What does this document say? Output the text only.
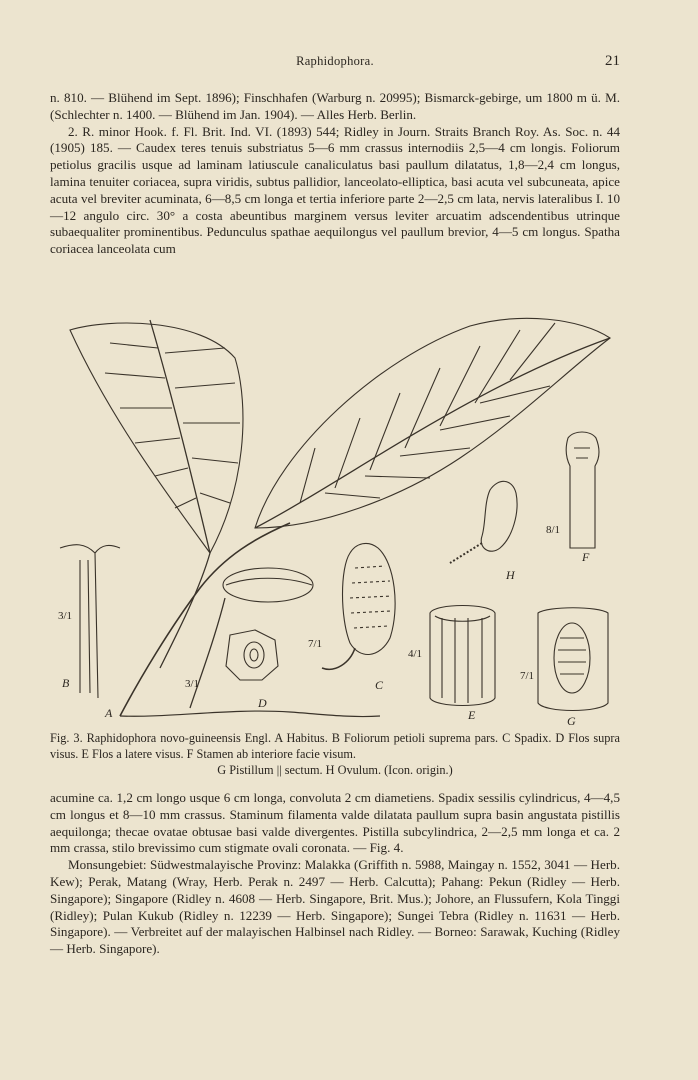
Raphidophora.	21

n. 810. — Blühend im Sept. 1896); Finschhafen (Warburg n. 20995); Bismarck-gebirge, um 1800 m ü. M. (Schlechter n. 1400. — Blühend im Jan. 1904). — Alles Herb. Berlin.

2. R. minor Hook. f. Fl. Brit. Ind. VI. (1893) 544; Ridley in Journ. Straits Branch Roy. As. Soc. n. 44 (1905) 185. — Caudex teres tenuis substriatus 5—6 mm crassus internodiis 2,5—4 cm longis. Foliorum petiolus gracilis usque ad laminam latiuscule canaliculatus basi paullum dilatatus, 1,8—2,4 cm longus, lamina tenuiter coriacea, supra viridis, subtus pallidior, lanceolato-elliptica, basi acuta vel subcuneata, apice acuta vel breviter acuminata, 6—8,5 cm longa et tertia inferiore parte 2—2,5 cm lata, nervis lateralibus I. 10—12 angulo circ. 30° a costa abeuntibus marginem versus leviter arcuatim adscendentibus utrinque subaequaliter prominentibus. Pedunculus spathae aequilongus vel paullum brevior, 4—5 cm longus. Spatha coriacea lanceolata cum

A
B	C
D
E
F
G
H
3/1
7/1
3/1
4/1
7/1
8/1

Fig. 3. Raphidophora novo-guineensis Engl. A Habitus. B Foliorum petioli suprema pars. C Spadix. D Flos supra visus. E Flos a latere visus. F Stamen ab interiore facie visum.

G Pistillum || sectum. H Ovulum. (Icon. origin.)

acumine ca. 1,2 cm longo usque 6 cm longa, convoluta 2 cm diametiens. Spadix sessilis cylindricus, 4—4,5 cm longus et 8—10 mm crassus. Staminum filamenta valde dilatata paullum supra basin angustata pistillis aequilonga; thecae ovatae obtusae basi valde divergentes. Pistilla subcylindrica, 2—2,5 mm longa et ca. 2 mm crassa, stilo brevissimo cum stigmate ovali coronata. — Fig. 4.

Monsungebiet: Südwestmalayische Provinz: Malakka (Griffith n. 5988, Maingay n. 1552, 3041 — Herb. Kew); Perak, Matang (Wray, Herb. Perak n. 2497 — Herb. Calcutta); Pahang: Pekun (Ridley — Herb. Singapore); Singapore (Ridley n. 4608 — Herb. Singapore, Brit. Mus.); Johore, an Flussufern, Kola Tinggi (Ridley); Pulan Kukub (Ridley n. 12239 — Herb. Singapore); Sungei Tebra (Ridley n. 11631 — Herb. Singapore). — Verbreitet auf der malayischen Halbinsel nach Ridley. — Borneo: Sarawak, Kuching (Ridley — Herb. Singapore).
